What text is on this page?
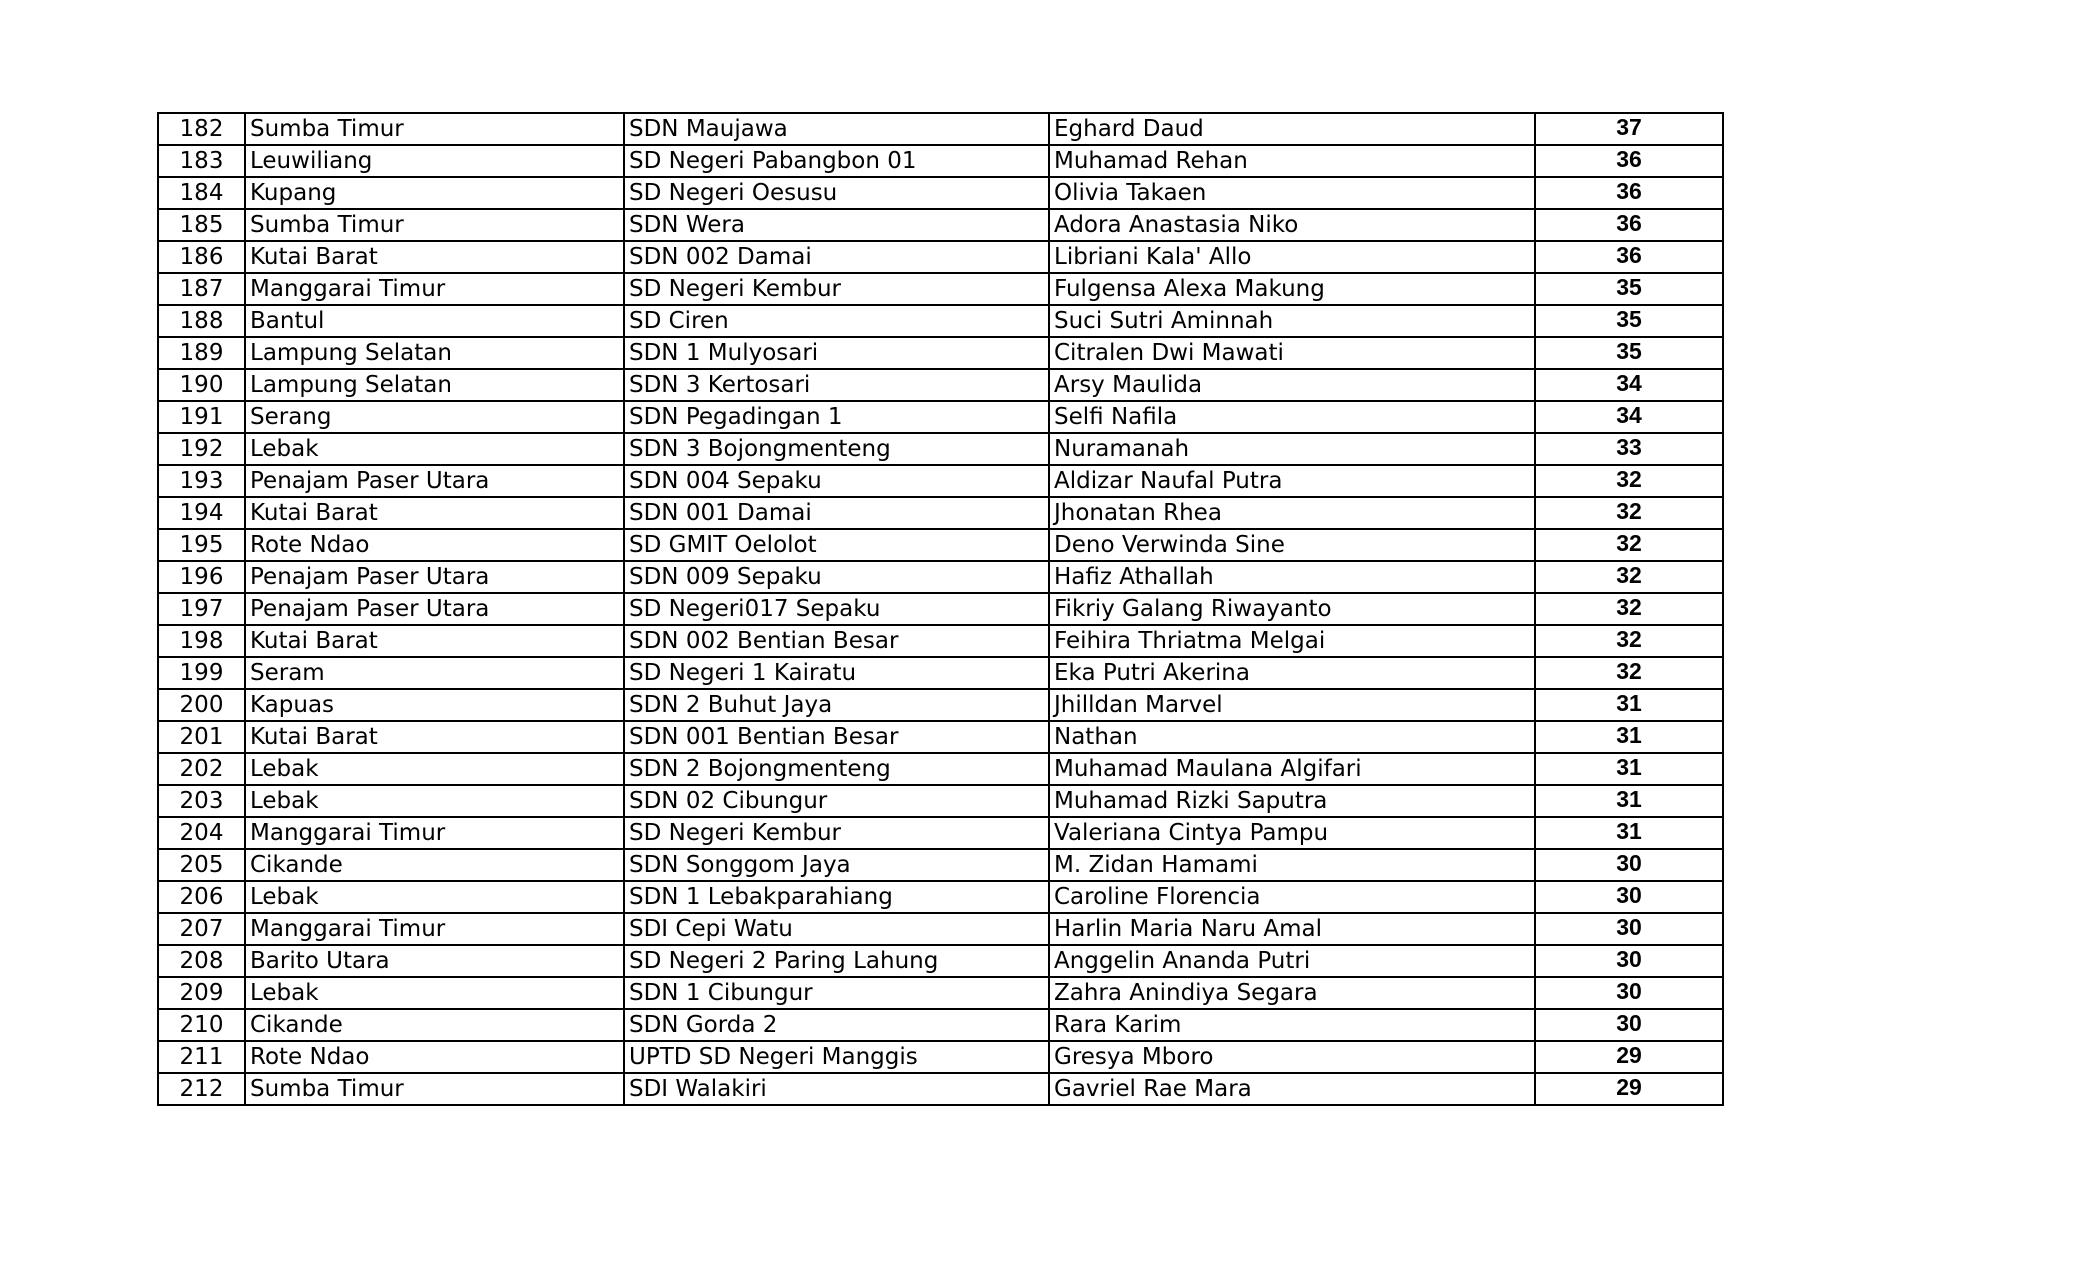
182	Sumba Timur	SDN Maujawa	Eghard Daud	37
183	Leuwiliang	SD Negeri Pabangbon 01	Muhamad Rehan	36
184	Kupang	SD Negeri Oesusu	Olivia Takaen	36
185	Sumba Timur	SDN Wera	Adora Anastasia Niko	36
186	Kutai Barat	SDN 002 Damai	Libriani Kala' Allo	36
187	Manggarai Timur	SD Negeri Kembur	Fulgensa Alexa Makung	35
188	Bantul	SD Ciren	Suci Sutri Aminnah	35
189	Lampung Selatan	SDN 1 Mulyosari	Citralen Dwi Mawati	35
190	Lampung Selatan	SDN 3 Kertosari	Arsy Maulida	34
191	Serang	SDN Pegadingan 1	Selfi Nafila	34
192	Lebak	SDN 3 Bojongmenteng	Nuramanah	33
193	Penajam Paser Utara	SDN 004 Sepaku	Aldizar Naufal Putra	32
194	Kutai Barat	SDN 001 Damai	Jhonatan Rhea	32
195	Rote Ndao	SD GMIT Oelolot	Deno Verwinda Sine	32
196	Penajam Paser Utara	SDN 009 Sepaku	Hafiz Athallah	32
197	Penajam Paser Utara	SD Negeri017 Sepaku	Fikriy Galang Riwayanto	32
198	Kutai Barat	SDN 002 Bentian Besar	Feihira Thriatma Melgai	32
199	Seram	SD Negeri 1 Kairatu	Eka Putri Akerina	32
200	Kapuas	SDN 2 Buhut Jaya	Jhilldan Marvel	31
201	Kutai Barat	SDN 001 Bentian Besar	Nathan	31
202	Lebak	SDN 2 Bojongmenteng	Muhamad Maulana Algifari	31
203	Lebak	SDN 02 Cibungur	Muhamad Rizki Saputra	31
204	Manggarai Timur	SD Negeri Kembur	Valeriana Cintya Pampu	31
205	Cikande	SDN Songgom Jaya	M. Zidan Hamami	30
206	Lebak	SDN 1 Lebakparahiang	Caroline Florencia	30
207	Manggarai Timur	SDI Cepi Watu	Harlin Maria Naru Amal	30
208	Barito Utara	SD Negeri 2 Paring Lahung	Anggelin Ananda Putri	30
209	Lebak	SDN 1 Cibungur	Zahra Anindiya Segara	30
210	Cikande	SDN Gorda 2	Rara Karim	30
211	Rote Ndao	UPTD SD Negeri Manggis	Gresya Mboro	29
212	Sumba Timur	SDI Walakiri	Gavriel Rae Mara	29
